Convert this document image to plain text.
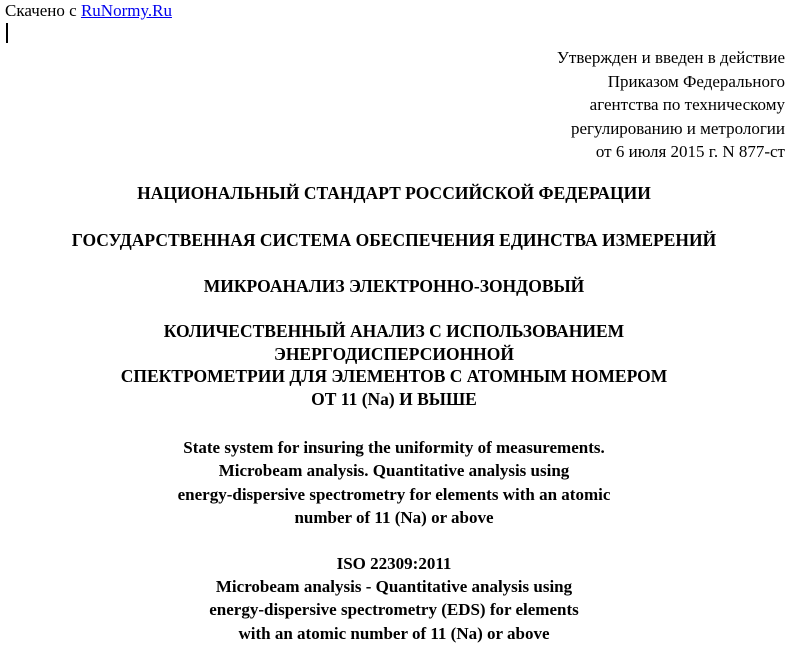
Скачено с RuNormy.Ru
Утвержден и введен в действие
Приказом Федерального
агентства по техническому
регулированию и метрологии
от 6 июля 2015 г. N 877-ст
НАЦИОНАЛЬНЫЙ СТАНДАРТ РОССИЙСКОЙ ФЕДЕРАЦИИ
ГОСУДАРСТВЕННАЯ СИСТЕМА ОБЕСПЕЧЕНИЯ ЕДИНСТВА ИЗМЕРЕНИЙ
МИКРОАНАЛИЗ ЭЛЕКТРОННО-ЗОНДОВЫЙ
КОЛИЧЕСТВЕННЫЙ АНАЛИЗ С ИСПОЛЬЗОВАНИЕМ
ЭНЕРГОДИСПЕРСИОННОЙ
СПЕКТРОМЕТРИИ ДЛЯ ЭЛЕМЕНТОВ С АТОМНЫМ НОМЕРОМ
ОТ 11 (Na) И ВЫШЕ
State system for insuring the uniformity of measurements.
Microbeam analysis. Quantitative analysis using
energy-dispersive spectrometry for elements with an atomic
number of 11 (Na) or above
ISO 22309:2011
Microbeam analysis - Quantitative analysis using
energy-dispersive spectrometry (EDS) for elements
with an atomic number of 11 (Na) or above
